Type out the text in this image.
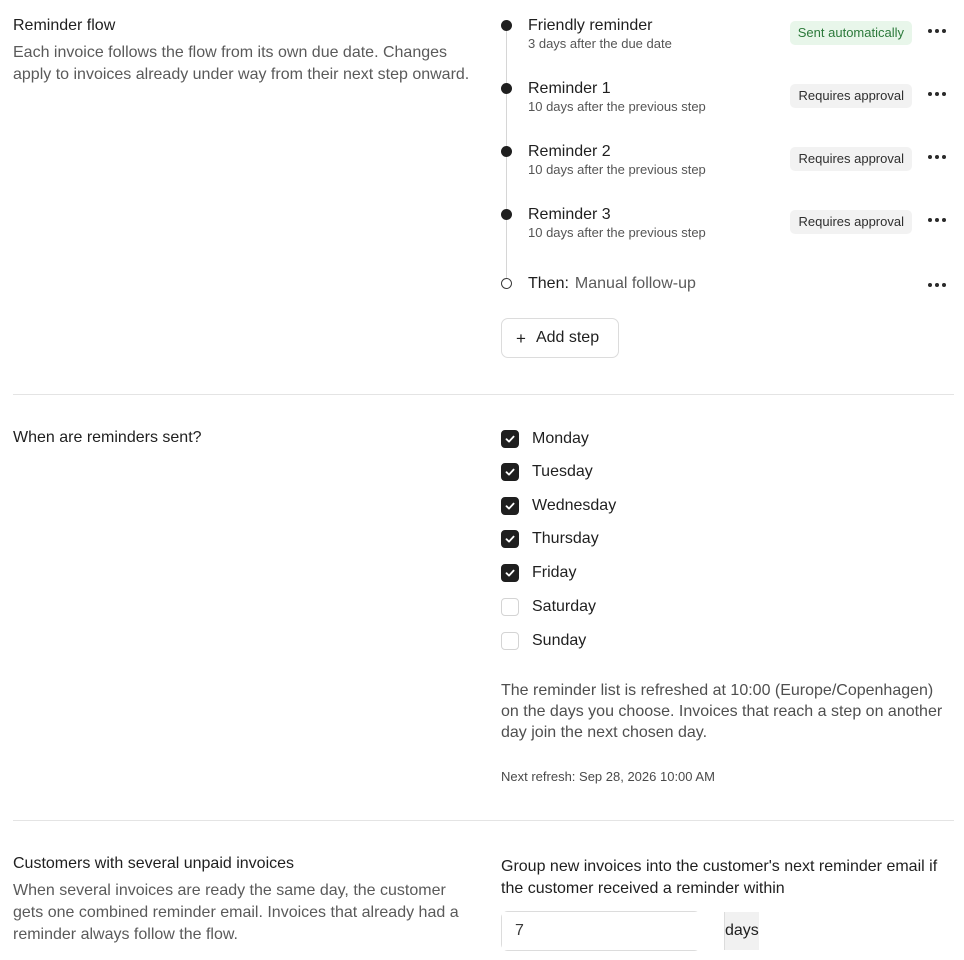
Reminder flow
Each invoice follows the flow from its own due date. Changes apply to invoices already under way from their next step onward.
Friendly reminder
3 days after the due date
Sent automatically
Reminder 1
10 days after the previous step
Requires approval
Reminder 2
10 days after the previous step
Requires approval
Reminder 3
10 days after the previous step
Requires approval
Then: Manual follow-up
+ Add step
When are reminders sent?	Monday
Tuesday
Wednesday
Thursday
Friday
Saturday
Sunday
The reminder list is refreshed at 10:00 (Europe/Copenhagen) on the days you choose. Invoices that reach a step on another day join the next chosen day.
Next refresh: Sep 28, 2026 10:00 AM
Customers with several unpaid invoices
When several invoices are ready the same day, the customer gets one combined reminder email. Invoices that already had a reminder always follow the flow.
Group new invoices into the customer's next reminder email if the customer received a reminder within
7
days
